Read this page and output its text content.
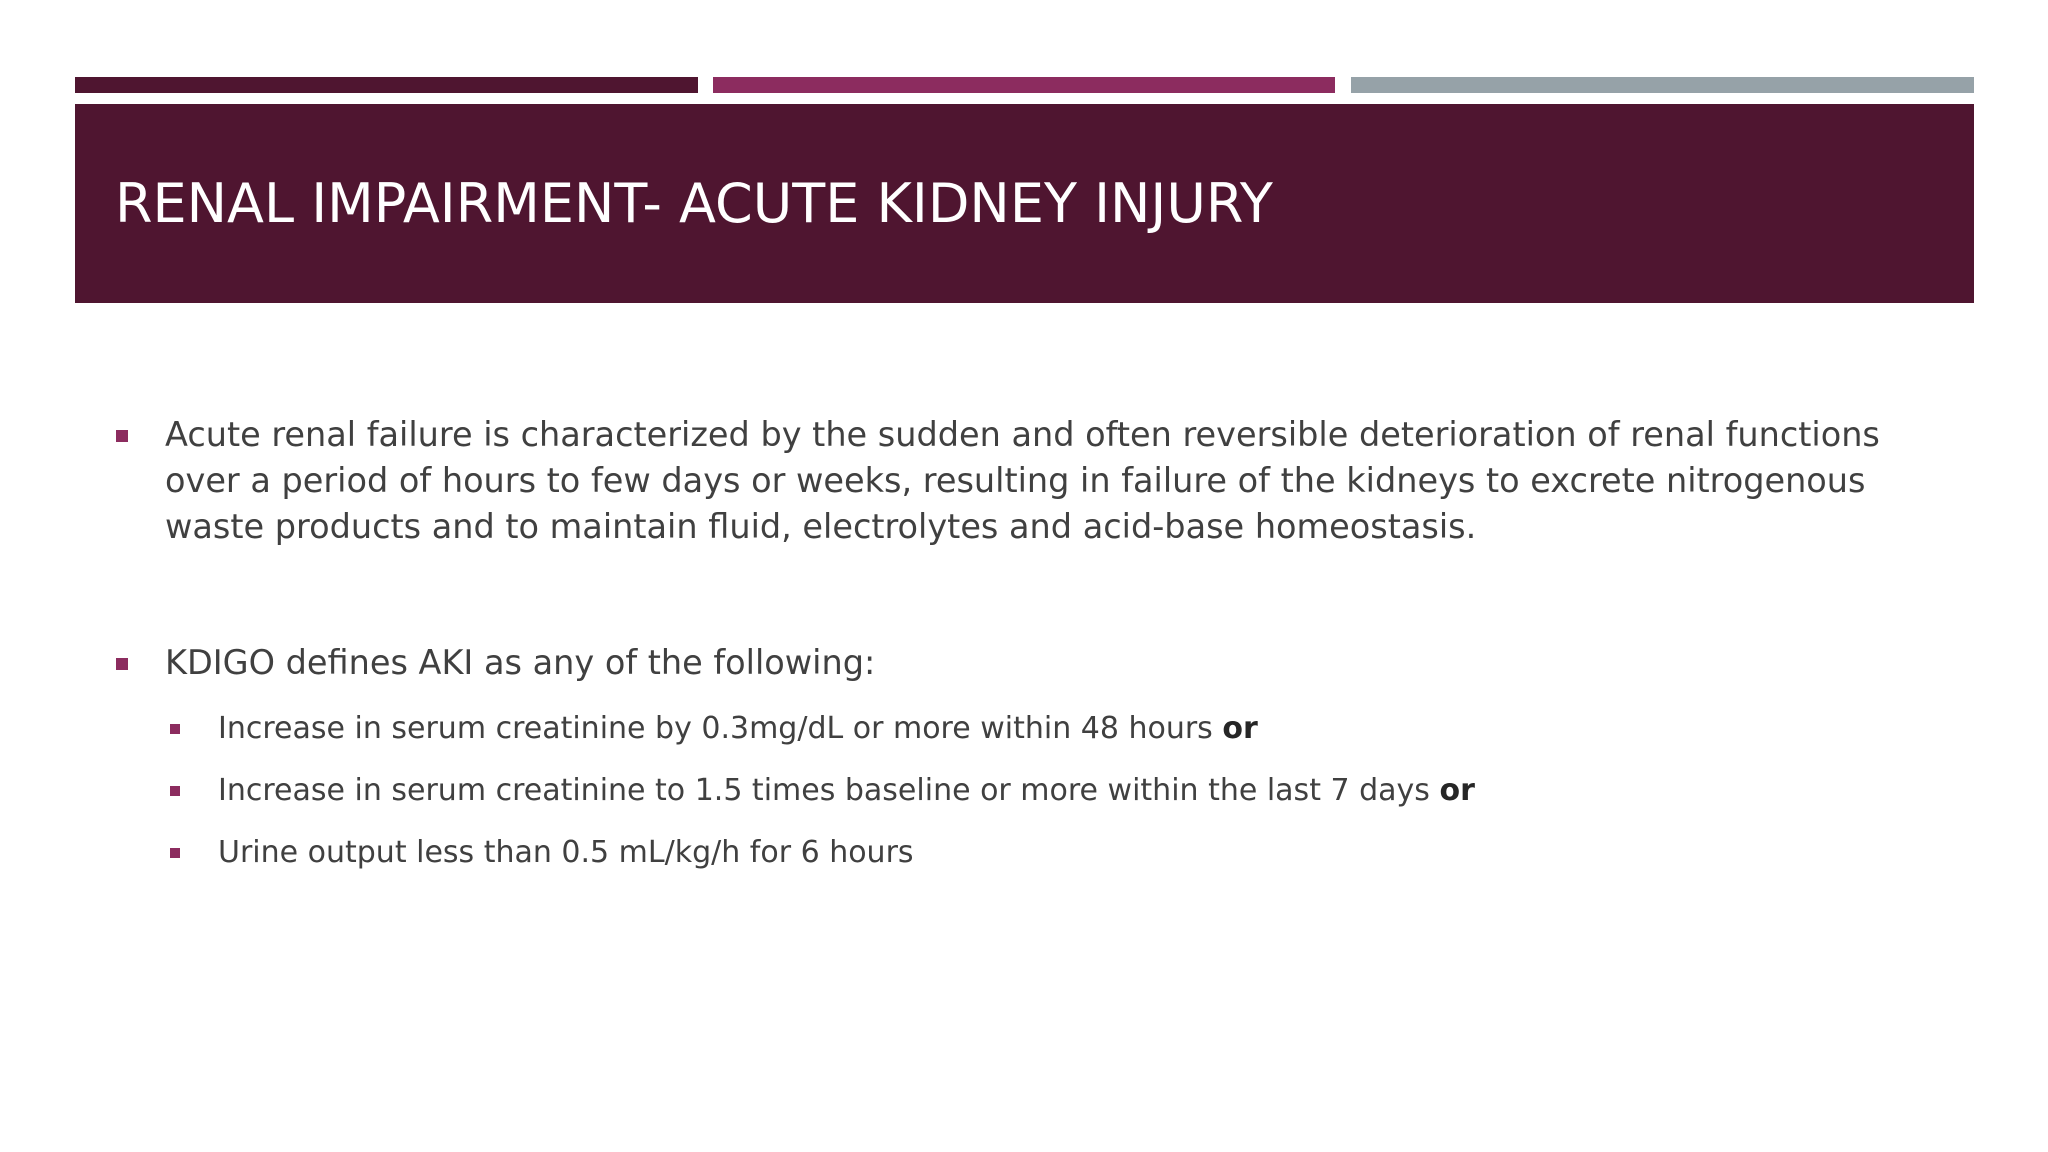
RENAL IMPAIRMENT- ACUTE KIDNEY INJURY
Acute renal failure is characterized by the sudden and often reversible deterioration of renal functions over a period of hours to few days or weeks, resulting in failure of the kidneys to excrete nitrogenous waste products and to maintain fluid, electrolytes and acid-base homeostasis.
KDIGO defines AKI as any of the following:
Increase in serum creatinine by 0.3mg/dL or more within 48 hours or
Increase in serum creatinine to 1.5 times baseline or more within the last 7 days or
Urine output less than 0.5 mL/kg/h for 6 hours
